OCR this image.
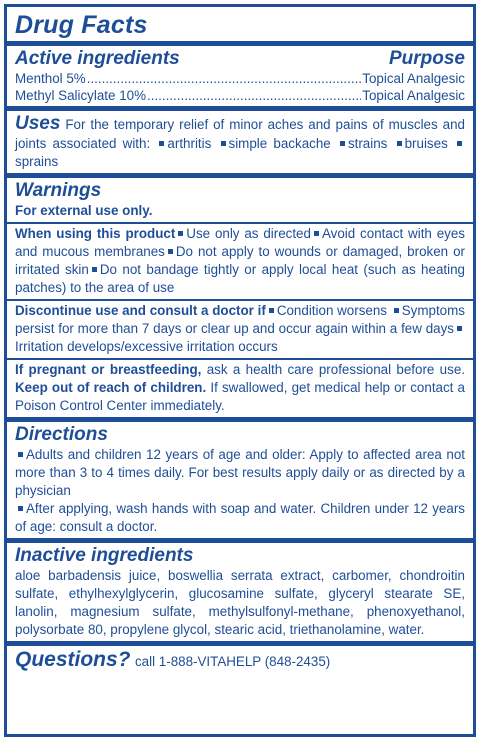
Drug Facts
Active ingredients	Purpose
Menthol 5% .....	Topical Analgesic
Methyl Salicylate 10% .....	Topical Analgesic
Uses For the temporary relief of minor aches and pains of muscles and joints associated with: arthritis simple backache strains bruises sprains
Warnings
For external use only.
When using this product Use only as directed Avoid contact with eyes and mucous membranes Do not apply to wounds or damaged, broken or irritated skin Do not bandage tightly or apply local heat (such as heating patches) to the area of use
Discontinue use and consult a doctor if Condition worsens Symptoms persist for more than 7 days or clear up and occur again within a few daysIrritation develops/excessive irritation occurs
If pregnant or breastfeeding, ask a health care professional before use. Keep out of reach of children. If swallowed, get medical help or contact a Poison Control Center immediately.
Directions
Adults and children 12 years of age and older: Apply to affected area not more than 3 to 4 times daily. For best results apply daily or as directed by a physician
After applying, wash hands with soap and water. Children under 12 years of age: consult a doctor.
Inactive ingredients
aloe barbadensis juice, boswellia serrata extract, carbomer, chondroitin sulfate, ethylhexylglycerin, glucosamine sulfate, glyceryl stearate SE, lanolin, magnesium sulfate, methylsulfonyl-methane, phenoxyethanol, polysorbate 80, propylene glycol, stearic acid, triethanolamine, water.
Questions? call 1-888-VITAHELP (848-2435)
